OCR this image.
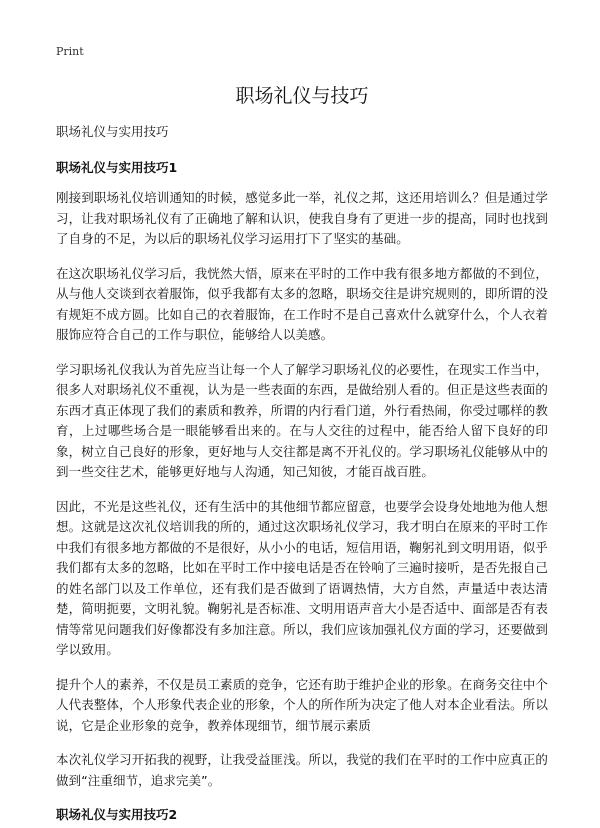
Print
职场礼仪与技巧
职场礼仪与实用技巧
职场礼仪与实用技巧1

刚接到职场礼仪培训通知的时候，感觉多此一举，礼仪之邦，这还用培训么？但是通过学习，让我对职场礼仪有了正确地了解和认识，使我自身有了更进一步的提高，同时也找到了自身的不足，为以后的职场礼仪学习运用打下了坚实的基础。

在这次职场礼仪学习后，我恍然大悟，原来在平时的工作中我有很多地方都做的不到位，从与他人交谈到衣着服饰，似乎我都有太多的忽略，职场交往是讲究规则的，即所谓的没有规矩不成方圆。比如自己的衣着服饰，在工作时不是自己喜欢什么就穿什么，个人衣着服饰应符合自己的工作与职位，能够给人以美感。

学习职场礼仪我认为首先应当让每一个人了解学习职场礼仪的必要性，在现实工作当中，很多人对职场礼仪不重视，认为是一些表面的东西，是做给别人看的。但正是这些表面的东西才真正体现了我们的素质和教养，所谓的内行看门道，外行看热闹，你受过哪样的教育，上过哪些场合是一眼能够看出来的。在与人交往的过程中，能否给人留下良好的印象，树立自己良好的形象，更好地与人交往都是离不开礼仪的。学习职场礼仪能够从中的到一些交往艺术，能够更好地与人沟通，知己知彼，才能百战百胜。

因此，不光是这些礼仪，还有生活中的其他细节都应留意，也要学会设身处地地为他人想想。这就是这次礼仪培训我的所的，通过这次职场礼仪学习，我才明白在原来的平时工作中我们有很多地方都做的不是很好，从小小的电话，短信用语，鞠躬礼到文明用语，似乎我们都有太多的忽略，比如在平时工作中接电话是否在铃响了三遍时接听，是否先报自己的姓名部门以及工作单位，还有我们是否做到了语调热情，大方自然，声量适中表达清楚，简明扼要，文明礼貌。鞠躬礼是否标准、文明用语声音大小是否适中、面部是否有表情等常见问题我们好像都没有多加注意。所以，我们应该加强礼仪方面的学习，还要做到学以致用。

提升个人的素养，不仅是员工素质的竞争，它还有助于维护企业的形象。在商务交往中个人代表整体，个人形象代表企业的形象，个人的所作所为决定了他人对本企业看法。所以说，它是企业形象的竞争，教养体现细节，细节展示素质

本次礼仪学习开拓我的视野，让我受益匪浅。所以，我觉的我们在平时的工作中应真正的做到“注重细节，追求完美”。

职场礼仪与实用技巧2
